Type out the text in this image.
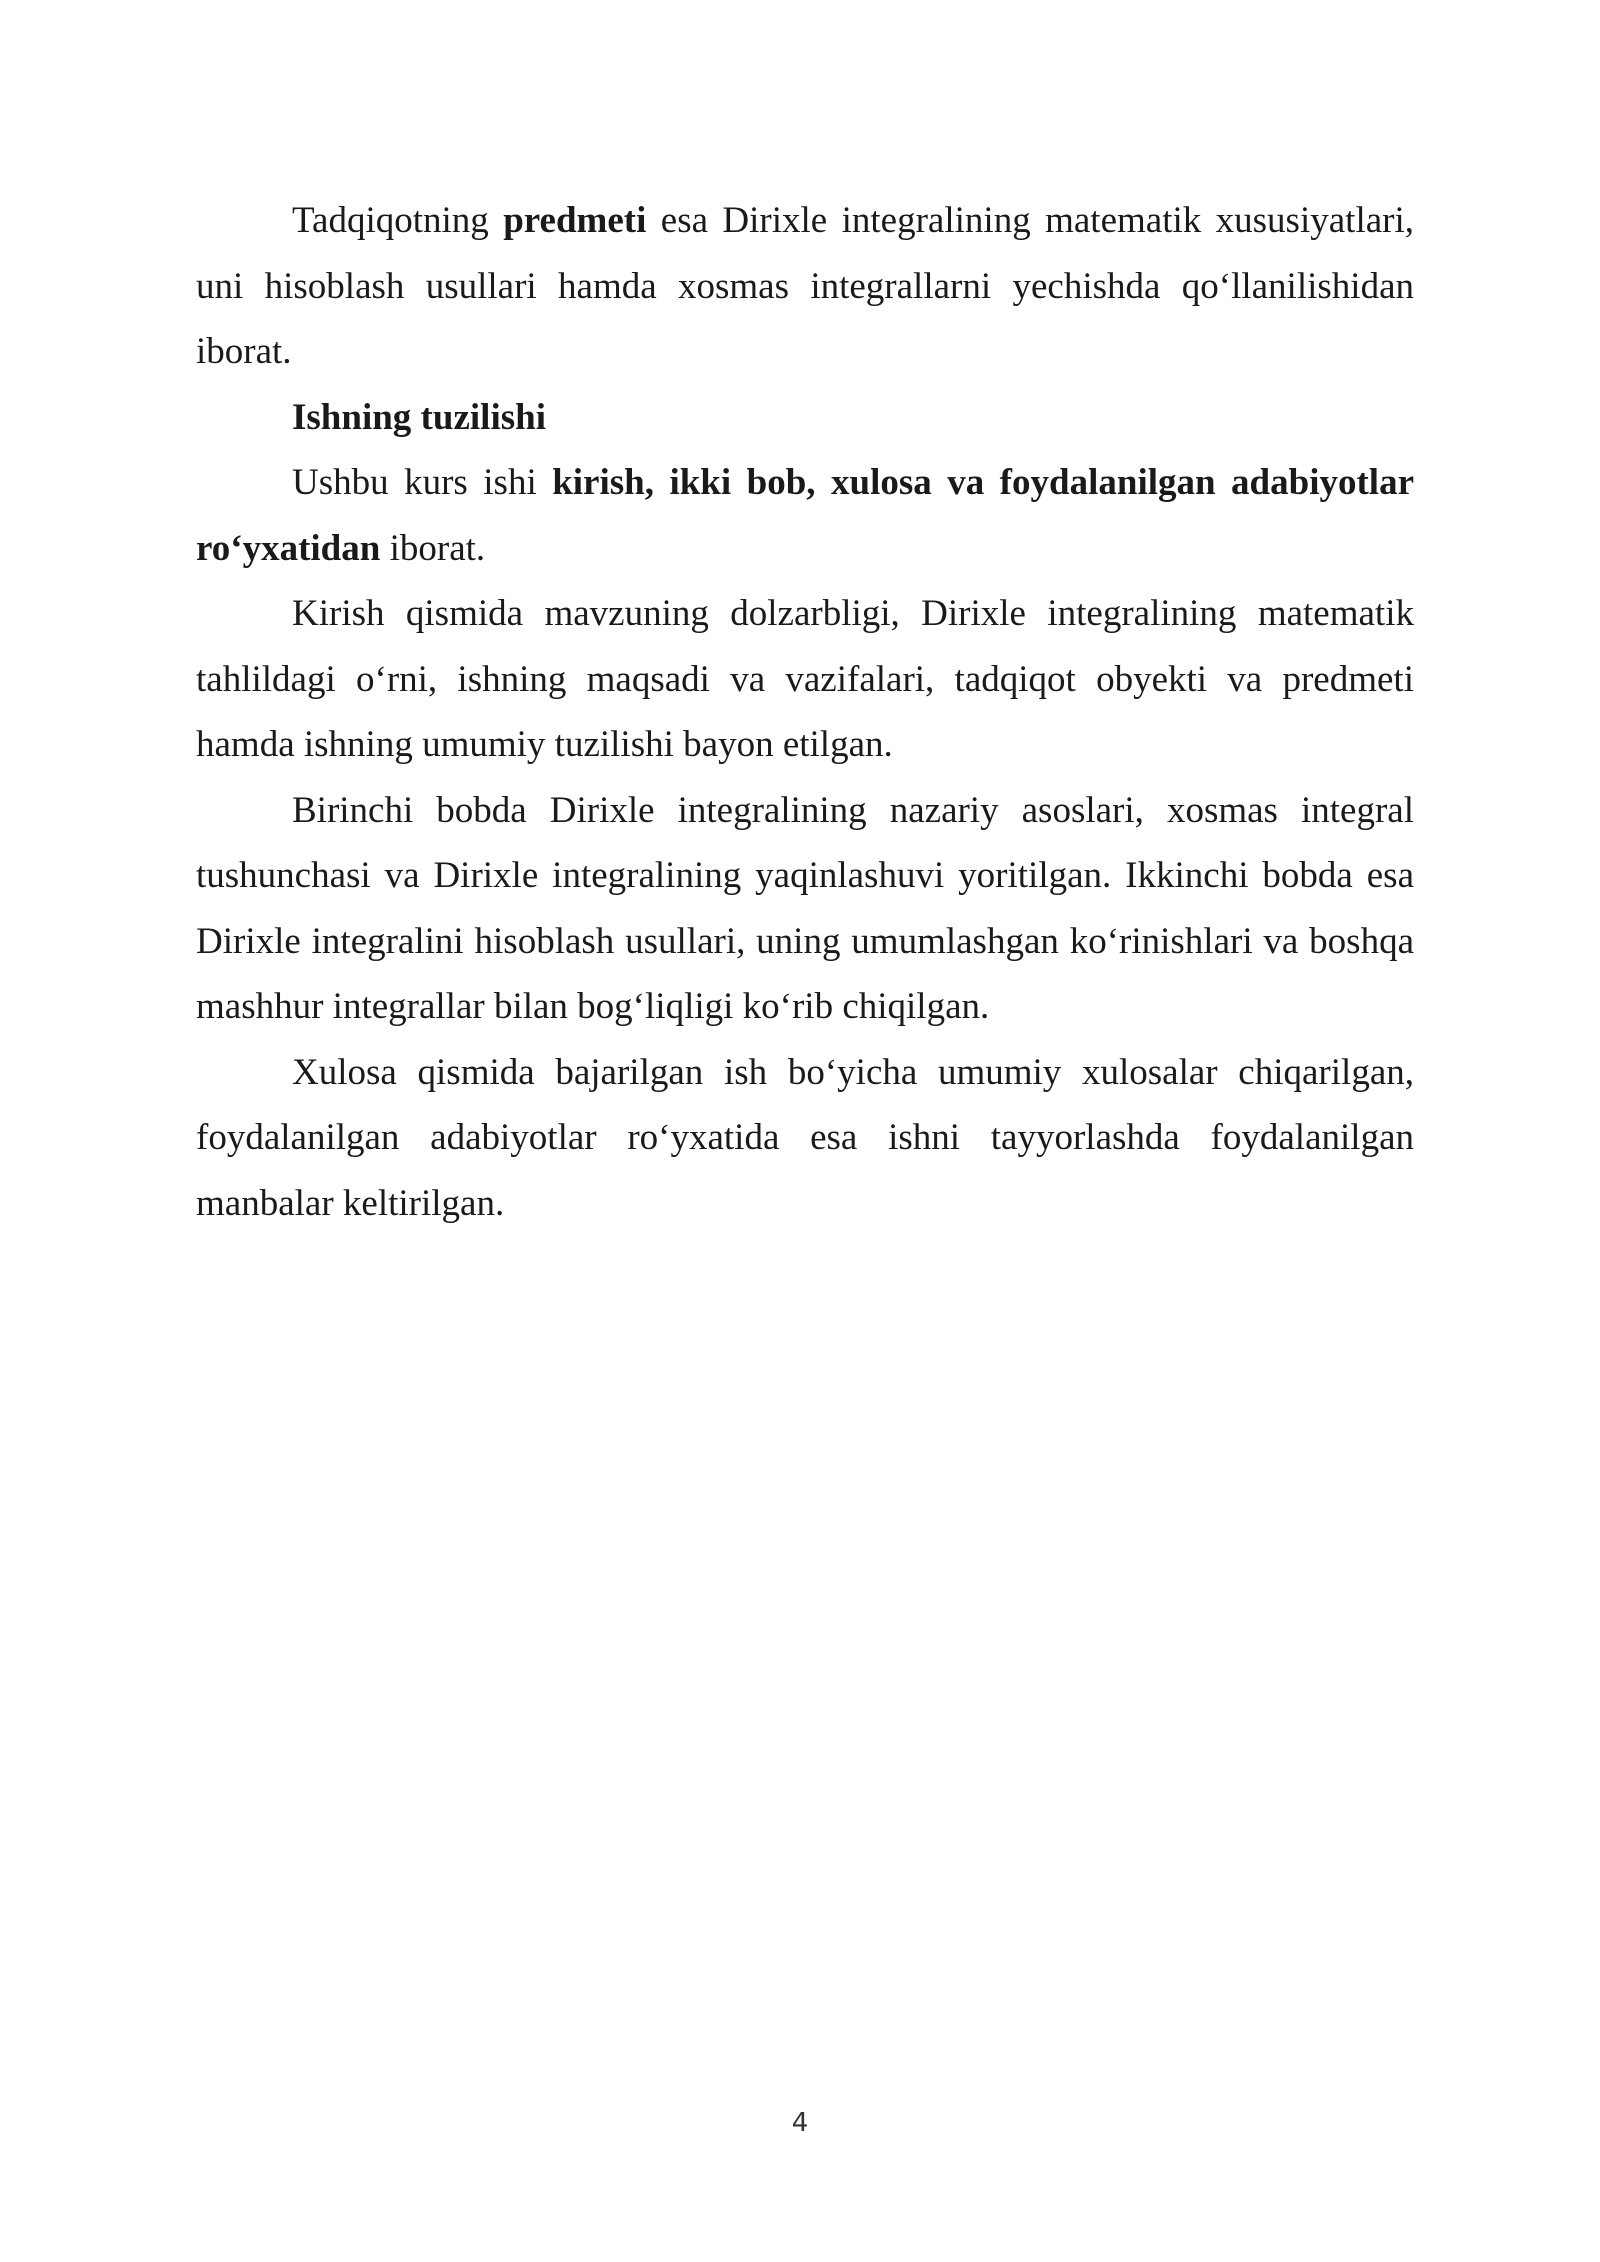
Tadqiqotning predmeti esa Dirixle integralining matematik xususiyatlari, uni hisoblash usullari hamda xosmas integrallarni yechishda qo‘llanilishidan iborat.

Ishning tuzilishi

Ushbu kurs ishi kirish, ikki bob, xulosa va foydalanilgan adabiyotlar ro‘yxatidan iborat.

Kirish qismida mavzuning dolzarbligi, Dirixle integralining matematik tahlildagi o‘rni, ishning maqsadi va vazifalari, tadqiqot obyekti va predmeti hamda ishning umumiy tuzilishi bayon etilgan.

Birinchi bobda Dirixle integralining nazariy asoslari, xosmas integral tushunchasi va Dirixle integralining yaqinlashuvi yoritilgan. Ikkinchi bobda esa Dirixle integralini hisoblash usullari, uning umumlashgan ko‘rinishlari va boshqa mashhur integrallar bilan bog‘liqligi ko‘rib chiqilgan.

Xulosa qismida bajarilgan ish bo‘yicha umumiy xulosalar chiqarilgan, foydalanilgan adabiyotlar ro‘yxatida esa ishni tayyorlashda foydalanilgan manbalar keltirilgan.

4
